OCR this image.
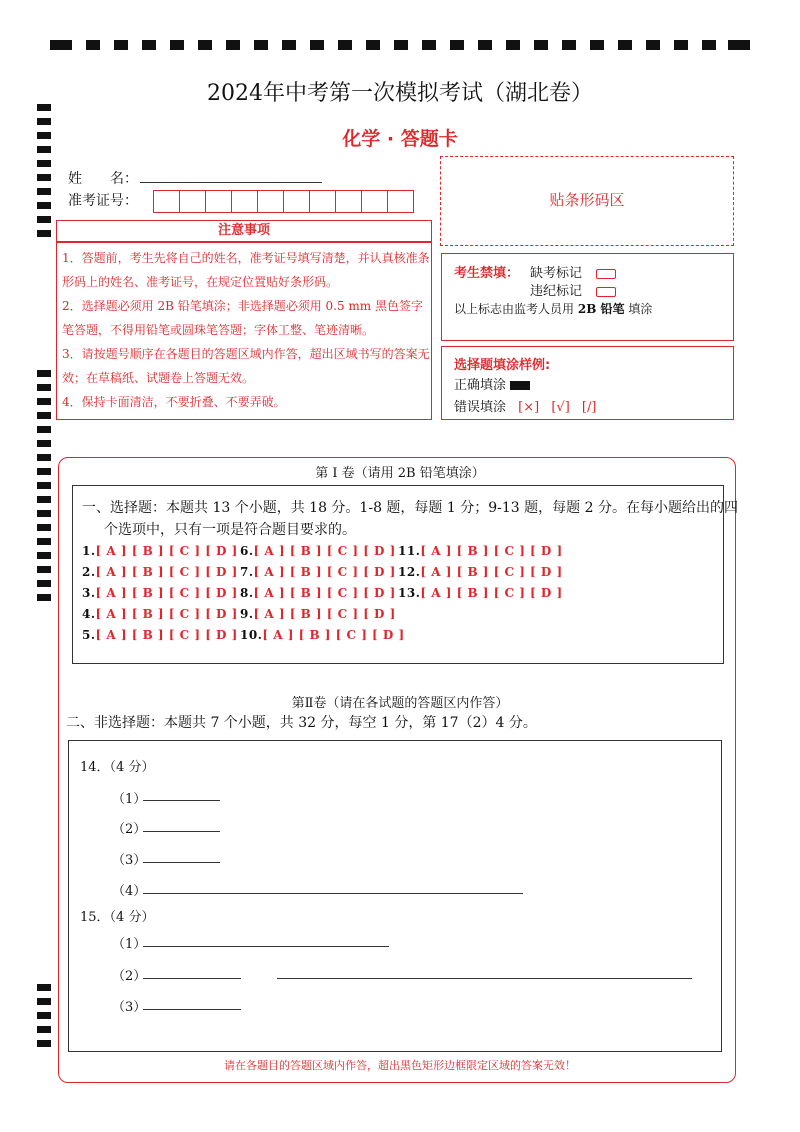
2024年中考第一次模拟考试（湖北卷）
化学 · 答题卡
姓　　名：
准考证号：	贴条形码区
注意事项
1．答题前，考生先将自己的姓名，准考证号填写清楚，并认真核准条形码上的姓名、准考证号，在规定位置贴好条形码。
2．选择题必须用 2B 铅笔填涂；非选择题必须用 0.5 mm 黑色签字笔答题，不得用铅笔或圆珠笔答题；字体工整、笔迹清晰。
3．请按题号顺序在各题目的答题区域内作答，超出区域书写的答案无效；在草稿纸、试题卷上答题无效。
4．保持卡面清洁，不要折叠、不要弄破。
考生禁填： 缺考标记
违纪标记
以上标志由监考人员用 2B 铅笔 填涂
选择题填涂样例:
正确填涂
错误填涂 [×] [√] [/]
第 I 卷（请用 2B 铅笔填涂）
一、选择题：本题共 13 个小题，共 18 分。1-8 题，每题 1 分；9-13 题，每题 2 分。在每小题给出的四
个选项中，只有一项是符合题目要求的。
1.[ A ] [ B ] [ C ] [ D ]
2.[ A ] [ B ] [ C ] [ D ]
3.[ A ] [ B ] [ C ] [ D ]
4.[ A ] [ B ] [ C ] [ D ]
5.[ A ] [ B ] [ C ] [ D ]
6.[ A ] [ B ] [ C ] [ D ]
7.[ A ] [ B ] [ C ] [ D ]
8.[ A ] [ B ] [ C ] [ D ]
9.[ A ] [ B ] [ C ] [ D ]
10.[ A ] [ B ] [ C ] [ D ]
11.[ A ] [ B ] [ C ] [ D ]
12.[ A ] [ B ] [ C ] [ D ]
13.[ A ] [ B ] [ C ] [ D ]
第Ⅱ卷（请在各试题的答题区内作答）
二、非选择题：本题共 7 个小题，共 32 分，每空 1 分，第 17（2）4 分。
14．（4 分）
（1）
（2）
（3）
（4）
15．（4 分）
（1）
（2）
（3）
请在各题目的答题区域内作答，超出黑色矩形边框限定区域的答案无效！
